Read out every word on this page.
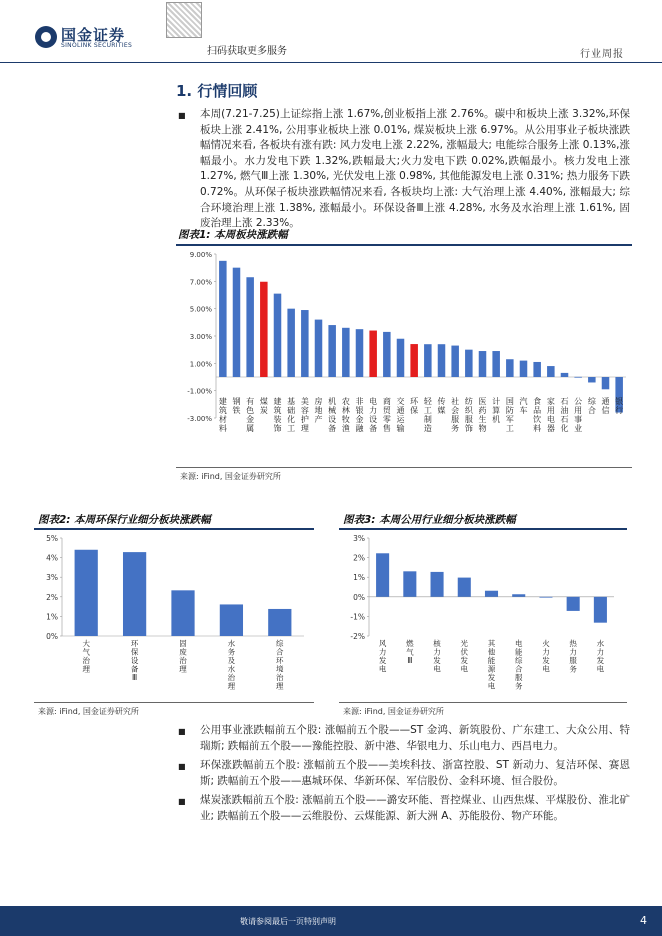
国金证券
SINOLINK SECURITIES
扫码获取更多服务	行业周报
1. 行情回顾
■ 本周(7.21-7.25)上证综指上涨 1.67%,创业板指上涨 2.76%。碳中和板块上涨 3.32%,环保板块上涨 2.41%, 公用事业板块上涨 0.01%, 煤炭板块上涨 6.97%。从公用事业子板块涨跌幅情况来看, 各板块有涨有跌: 风力发电上涨 2.22%, 涨幅最大; 电能综合服务上涨 0.13%,涨幅最小。水力发电下跌 1.32%,跌幅最大;火力发电下跌 0.02%,跌幅最小。核力发电上涨 1.27%, 燃气Ⅲ上涨 1.30%, 光伏发电上涨 0.98%, 其他能源发电上涨 0.31%; 热力服务下跌 0.72%。从环保子板块涨跌幅情况来看, 各板块均上涨: 大气治理上涨 4.40%, 涨幅最大; 综合环境治理上涨 1.38%, 涨幅最小。环保设备Ⅲ上涨 4.28%, 水务及水治理上涨 1.61%, 固废治理上涨 2.33%。
图表1: 本周板块涨跌幅
9.00%
7.00%
5.00%
3.00%
1.00%
-1.00%
-3.00%
建筑材料
钢铁
有色金属
煤炭
建筑装饰
基础化工
美容护理
房地产
机械设备
农林牧渔
非银金融
电力设备
商贸零售
交通运输
环保
轻工制造
传媒
社会服务
纺织服饰
医药生物
计算机
国防军工
汽车
食品饮料
家用电器
石油石化
公用事业
综合
通信
银行
来源: iFind, 国金证券研究所
图表2: 本周环保行业细分板块涨跌幅
5%
4%
3%
2%
1%
0%
大气治理
环保设备 Ⅲ
固废治理
水务及水治理
综合环境治理
来源: iFind, 国金证券研究所
图表3: 本周公用行业细分板块涨跌幅
3%
2%
1%
0%
-1%
-2%
风力发电
燃气 Ⅲ
核力发电
光伏发电
其他能源发电
电能综合服务
火力发电
热力服务
水力发电
来源: iFind, 国金证券研究所
■ 公用事业涨跌幅前五个股: 涨幅前五个股——ST 金鸿、新筑股份、广东建工、大众公用、特瑞斯; 跌幅前五个股——豫能控股、新中港、华银电力、乐山电力、西昌电力。
■ 环保涨跌幅前五个股: 涨幅前五个股——美埃科技、浙富控股、ST 新动力、复洁环保、赛恩斯; 跌幅前五个股——惠城环保、华新环保、军信股份、金科环境、恒合股份。
■ 煤炭涨跌幅前五个股: 涨幅前五个股——潞安环能、晋控煤业、山西焦煤、平煤股份、淮北矿业; 跌幅前五个股——云维股份、云煤能源、新大洲 A、苏能股份、物产环能。
敬请参阅最后一页特别声明	4
